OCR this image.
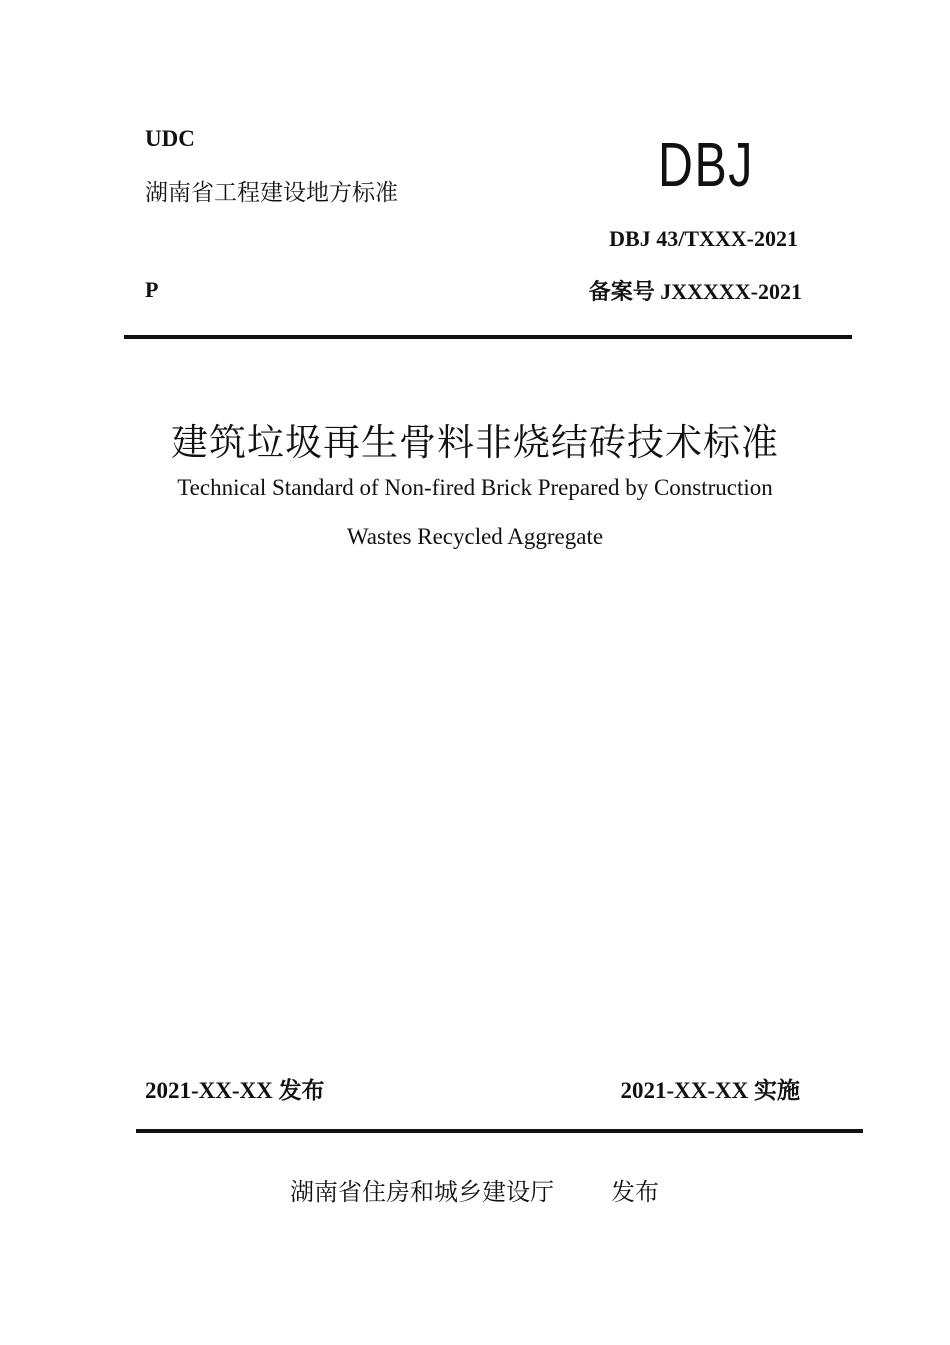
UDC
湖南省工程建设地方标准	DBJ
DBJ 43/TXXX-2021
P	备案号 JXXXXX-2021
建筑垃圾再生骨料非烧结砖技术标准
Technical Standard of Non-fired Brick Prepared by Construction
Wastes Recycled Aggregate
2021-XX-XX 发布	2021-XX-XX 实施
湖南省住房和城乡建设厅 发布
